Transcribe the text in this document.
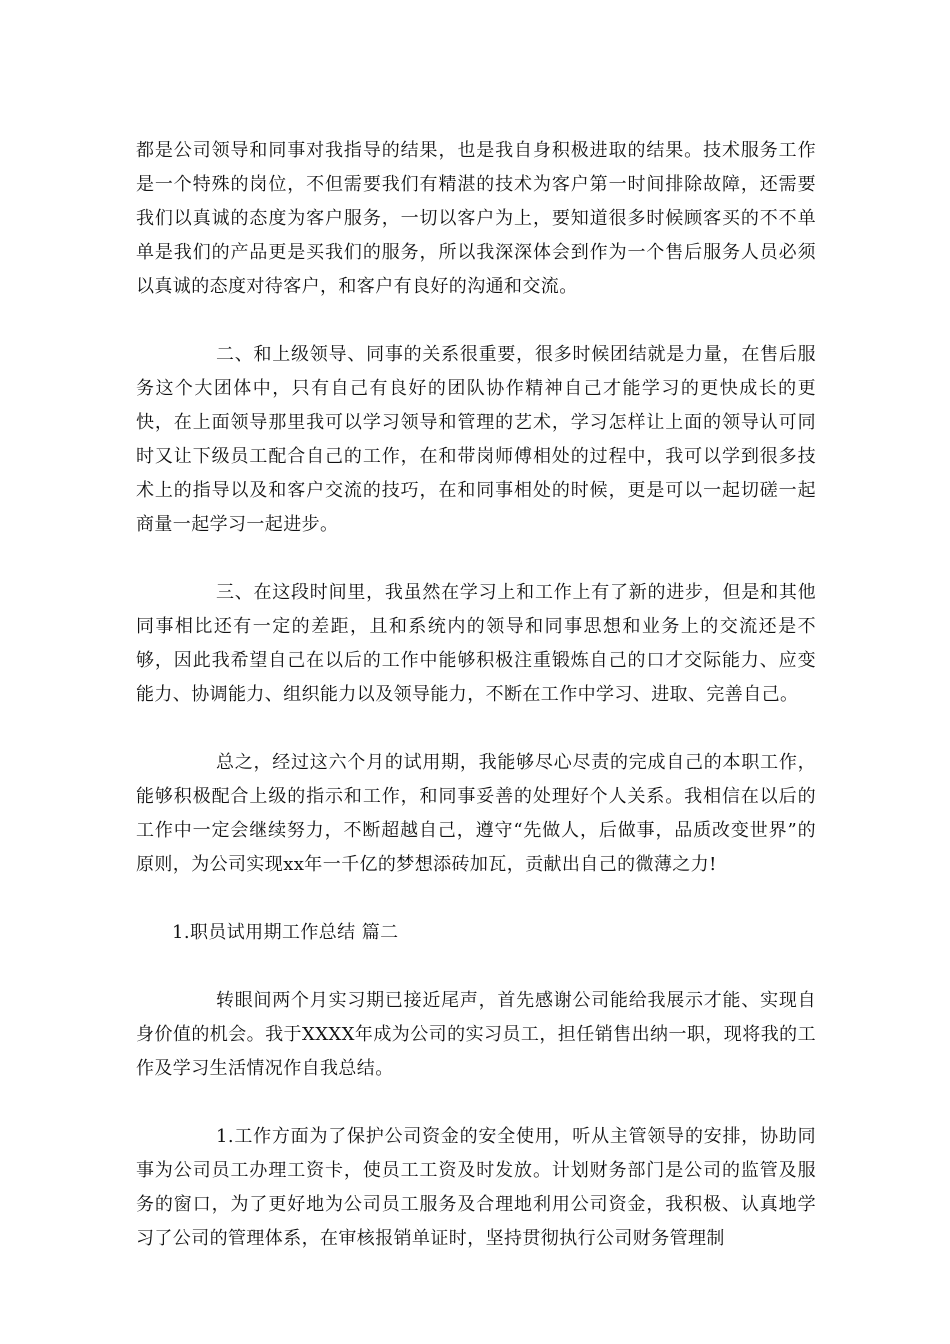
都是公司领导和同事对我指导的结果，也是我自身积极进取的结果。技术服务工作是一个特殊的岗位，不但需要我们有精湛的技术为客户第一时间排除故障，还需要我们以真诚的态度为客户服务，一切以客户为上，要知道很多时候顾客买的不不单单是我们的产品更是买我们的服务，所以我深深体会到作为一个售后服务人员必须以真诚的态度对待客户，和客户有良好的沟通和交流。

二、和上级领导、同事的关系很重要，很多时候团结就是力量，在售后服务这个大团体中，只有自己有良好的团队协作精神自己才能学习的更快成长的更快，在上面领导那里我可以学习领导和管理的艺术，学习怎样让上面的领导认可同时又让下级员工配合自己的工作，在和带岗师傅相处的过程中，我可以学到很多技术上的指导以及和客户交流的技巧，在和同事相处的时候，更是可以一起切磋一起商量一起学习一起进步。

三、在这段时间里，我虽然在学习上和工作上有了新的进步，但是和其他同事相比还有一定的差距，且和系统内的领导和同事思想和业务上的交流还是不够，因此我希望自己在以后的工作中能够积极注重锻炼自己的口才交际能力、应变能力、协调能力、组织能力以及领导能力，不断在工作中学习、进取、完善自己。

总之，经过这六个月的试用期，我能够尽心尽责的完成自己的本职工作，能够积极配合上级的指示和工作，和同事妥善的处理好个人关系。我相信在以后的工作中一定会继续努力，不断超越自己，遵守“先做人，后做事，品质改变世界”的原则，为公司实现xx年一千亿的梦想添砖加瓦，贡献出自己的微薄之力!

1.职员试用期工作总结 篇二

转眼间两个月实习期已接近尾声，首先感谢公司能给我展示才能、实现自身价值的机会。我于XXXX年成为公司的实习员工，担任销售出纳一职，现将我的工作及学习生活情况作自我总结。

1.工作方面为了保护公司资金的安全使用，听从主管领导的安排，协助同事为公司员工办理工资卡，使员工工资及时发放。计划财务部门是公司的监管及服务的窗口，为了更好地为公司员工服务及合理地利用公司资金，我积极、认真地学习了公司的管理体系，在审核报销单证时，坚持贯彻执行公司财务管理制
